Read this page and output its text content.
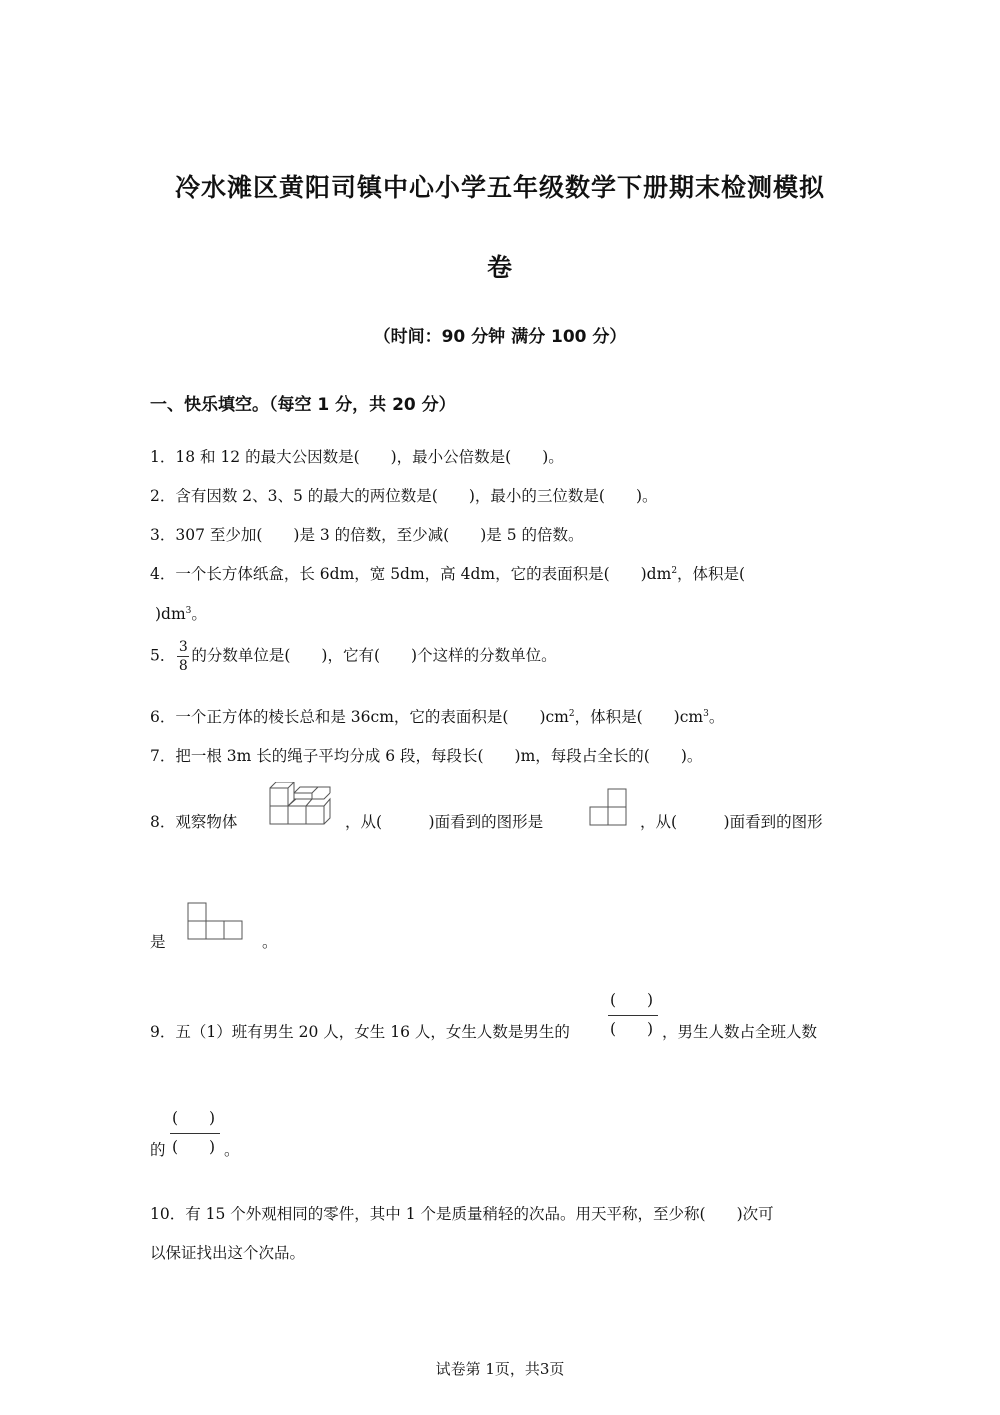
冷水滩区黄阳司镇中心小学五年级数学下册期末检测模拟
卷
（时间：90 分钟 满分 100 分）
一、快乐填空。（每空 1 分，共 20 分）
1．18 和 12 的最大公因数是(　　)，最小公倍数是(　　)。
2．含有因数 2、3、5 的最大的两位数是(　　)，最小的三位数是(　　)。
3．307 至少加(　　)是 3 的倍数，至少减(　　)是 5 的倍数。
4．一个长方体纸盒，长 6dm，宽 5dm，高 4dm，它的表面积是(　　)$dm^2$，体积是(
)$dm^3$。
5． $\frac{3}{8}$ 的分数单位是(　　)，它有(　　)个这样的分数单位。
6．一个正方体的棱长总和是 36cm，它的表面积是(　　)$cm^2$，体积是(　　)$cm^3$。
7．把一根 3m 长的绳子平均分成 6 段，每段长(　　)m，每段占全长的(　　)。
8．观察物体	，从(　　　)面看到的图形是	，从(　　　)面看到的图形
是	。
9．五（1）班有男生 20 人，女生 16 人，女生人数是男生的
(　　)
(　　) ，男生人数占全班人数
的
(　　)
(　　) 。
10．有 15 个外观相同的零件，其中 1 个是质量稍轻的次品。用天平称，至少称(　　)次可
以保证找出这个次品。
试卷第 1页，共3页
